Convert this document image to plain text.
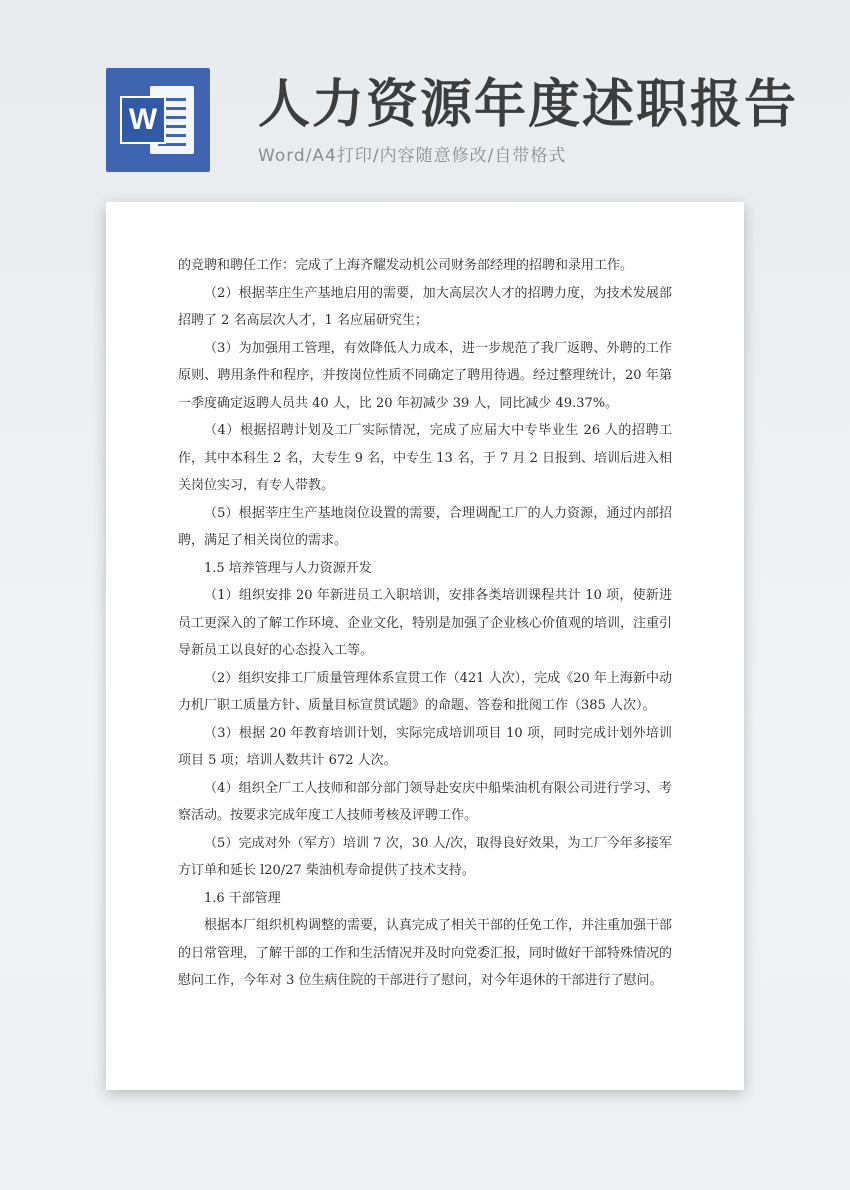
W 人力资源年度述职报告
Word/A4打印/内容随意修改/自带格式

的竞聘和聘任工作：完成了上海齐耀发动机公司财务部经理的招聘和录用工作。

（2）根据莘庄生产基地启用的需要，加大高层次人才的招聘力度，为技术发展部招聘了 2 名高层次人才，1 名应届研究生；

（3）为加强用工管理，有效降低人力成本，进一步规范了我厂返聘、外聘的工作原则、聘用条件和程序，并按岗位性质不同确定了聘用待遇。经过整理统计，20 年第一季度确定返聘人员共 40 人，比 20 年初减少 39 人，同比减少 49.37%。

（4）根据招聘计划及工厂实际情况，完成了应届大中专毕业生 26 人的招聘工作，其中本科生 2 名，大专生 9 名，中专生 13 名，于 7 月 2 日报到、培训后进入相关岗位实习，有专人带教。

（5）根据莘庄生产基地岗位设置的需要，合理调配工厂的人力资源，通过内部招聘，满足了相关岗位的需求。

1.5 培养管理与人力资源开发

（1）组织安排 20 年新进员工入职培训，安排各类培训课程共计 10 项，使新进员工更深入的了解工作环境、企业文化，特别是加强了企业核心价值观的培训，注重引导新员工以良好的心态投入工等。

（2）组织安排工厂质量管理体系宣贯工作（421 人次），完成《20 年上海新中动力机厂职工质量方针、质量目标宣贯试题》的命题、答卷和批阅工作（385 人次）。

（3）根据 20 年教育培训计划，实际完成培训项目 10 项，同时完成计划外培训项目 5 项；培训人数共计 672 人次。

（4）组织全厂工人技师和部分部门领导赴安庆中船柴油机有限公司进行学习、考察活动。按要求完成年度工人技师考核及评聘工作。

（5）完成对外（军方）培训 7 次，30 人/次，取得良好效果，为工厂今年多接军方订单和延长 l20/27 柴油机寿命提供了技术支持。

1.6 干部管理

根据本厂组织机构调整的需要，认真完成了相关干部的任免工作，并注重加强干部的日常管理，了解干部的工作和生活情况并及时向党委汇报，同时做好干部特殊情况的慰问工作，今年对 3 位生病住院的干部进行了慰问，对今年退休的干部进行了慰问。
